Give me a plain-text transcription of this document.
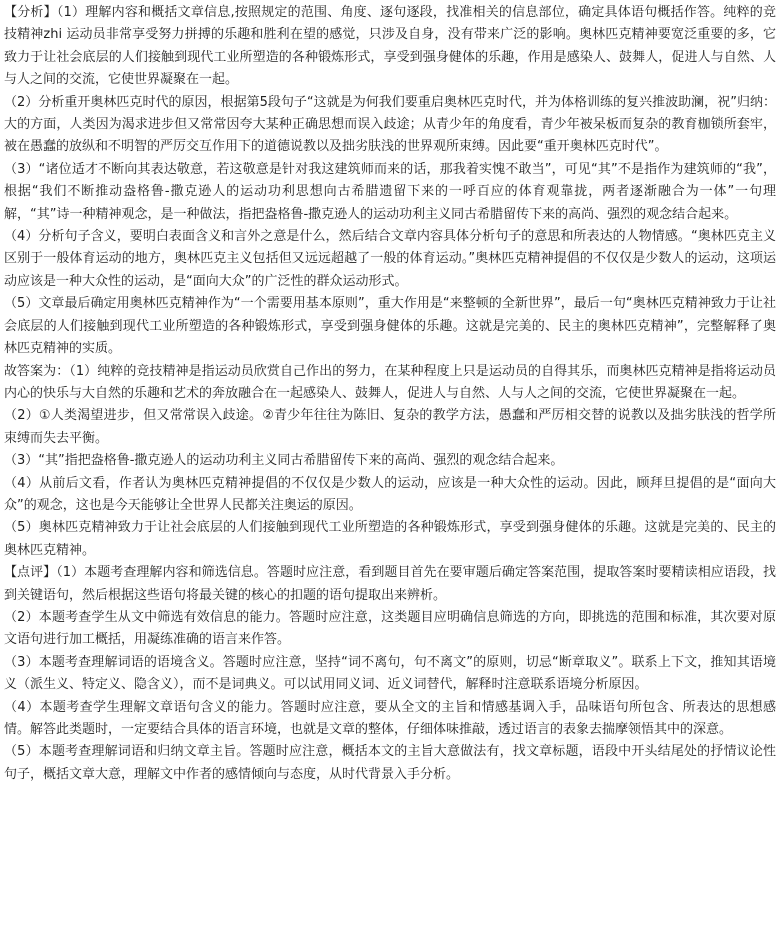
【分析】（1）理解内容和概括文章信息,按照规定的范围、角度、逐句逐段，找准相关的信息部位，确定具体语句概括作答。纯粹的竞技精神zhi 运动员非常享受努力拼搏的乐趣和胜利在望的感觉，只涉及自身，没有带来广泛的影响。奥林匹克精神要宽泛重要的多，它致力于让社会底层的人们接触到现代工业所塑造的各种锻炼形式，享受到强身健体的乐趣，作用是感染人、鼓舞人，促进人与自然、人与人之间的交流，它使世界凝聚在一起。

（2）分析重开奥林匹克时代的原因，根据第5段句子“这就是为何我们要重启奥林匹克时代，并为体格训练的复兴推波助澜，祝”归纳：大的方面，人类因为渴求进步但又常常因夸大某种正确思想而误入歧途；从青少年的角度看，青少年被呆板而复杂的教育枷锁所套牢，被在愚蠢的放纵和不明智的严厉交互作用下的道德说教以及拙劣肤浅的世界观所束缚。因此要“重开奥林匹克时代”。

（3）“诸位适才不断向其表达敬意，若这敬意是针对我这建筑师而来的话，那我着实愧不敢当”，可见“其”不是指作为建筑师的“我”，根据“我们不断推动盎格鲁-撒克逊人的运动功利思想向古希腊遗留下来的一呼百应的体育观靠拢，两者逐渐融合为一体”一句理解，“其”诗一种精神观念，是一种做法，指把盎格鲁-撒克逊人的运动功利主义同古希腊留传下来的高尚、强烈的观念结合起来。

（4）分析句子含义，要明白表面含义和言外之意是什么，然后结合文章内容具体分析句子的意思和所表达的人物情感。“奥林匹克主义区别于一般体育运动的地方，奥林匹克主义包括但又远远超越了一般的体育运动。”奥林匹克精神提倡的不仅仅是少数人的运动，这项运动应该是一种大众性的运动，是“面向大众”的广泛性的群众运动形式。

（5）文章最后确定用奥林匹克精神作为“一个需要用基本原则”，重大作用是“来整顿的全新世界”，最后一句“奥林匹克精神致力于让社会底层的人们接触到现代工业所塑造的各种锻炼形式，享受到强身健体的乐趣。这就是完美的、民主的奥林匹克精神”，完整解释了奥林匹克精神的实质。

故答案为：（1）纯粹的竞技精神是指运动员欣赏自己作出的努力，在某种程度上只是运动员的自得其乐，而奥林匹克精神是指将运动员内心的快乐与大自然的乐趣和艺术的奔放融合在一起感染人、鼓舞人，促进人与自然、人与人之间的交流，它使世界凝聚在一起。

（2）①人类渴望进步，但又常常误入歧途。②青少年往往为陈旧、复杂的教学方法，愚蠢和严厉相交替的说教以及拙劣肤浅的哲学所束缚而失去平衡。

（3）“其”指把盎格鲁-撒克逊人的运动功利主义同古希腊留传下来的高尚、强烈的观念结合起来。

（4）从前后文看，作者认为奥林匹克精神提倡的不仅仅是少数人的运动，应该是一种大众性的运动。因此，顾拜旦提倡的是“面向大众”的观念，这也是今天能够让全世界人民都关注奥运的原因。

（5）奥林匹克精神致力于让社会底层的人们接触到现代工业所塑造的各种锻炼形式，享受到强身健体的乐趣。这就是完美的、民主的奥林匹克精神。

【点评】（1）本题考查理解内容和筛选信息。答题时应注意，看到题目首先在要审题后确定答案范围，提取答案时要精读相应语段，找到关键语句，然后根据这些语句将最关键的核心的扣题的语句提取出来辨析。

（2）本题考查学生从文中筛选有效信息的能力。答题时应注意，这类题目应明确信息筛选的方向，即挑选的范围和标准，其次要对原文语句进行加工概括，用凝练准确的语言来作答。

（3）本题考查理解词语的语境含义。答题时应注意，坚持“词不离句，句不离文”的原则，切忌“断章取义”。联系上下文，推知其语境义（派生义、特定义、隐含义），而不是词典义。可以试用同义词、近义词替代，解释时注意联系语境分析原因。

（4）本题考查学生理解文章语句含义的能力。答题时应注意，要从全文的主旨和情感基调入手，品味语句所包含、所表达的思想感情。解答此类题时，一定要结合具体的语言环境，也就是文章的整体，仔细体味推敲，透过语言的表象去揣摩领悟其中的深意。

（5）本题考查理解词语和归纳文章主旨。答题时应注意，概括本文的主旨大意做法有，找文章标题，语段中开头结尾处的抒情议论性句子，概括文章大意，理解文中作者的感情倾向与态度，从时代背景入手分析。
